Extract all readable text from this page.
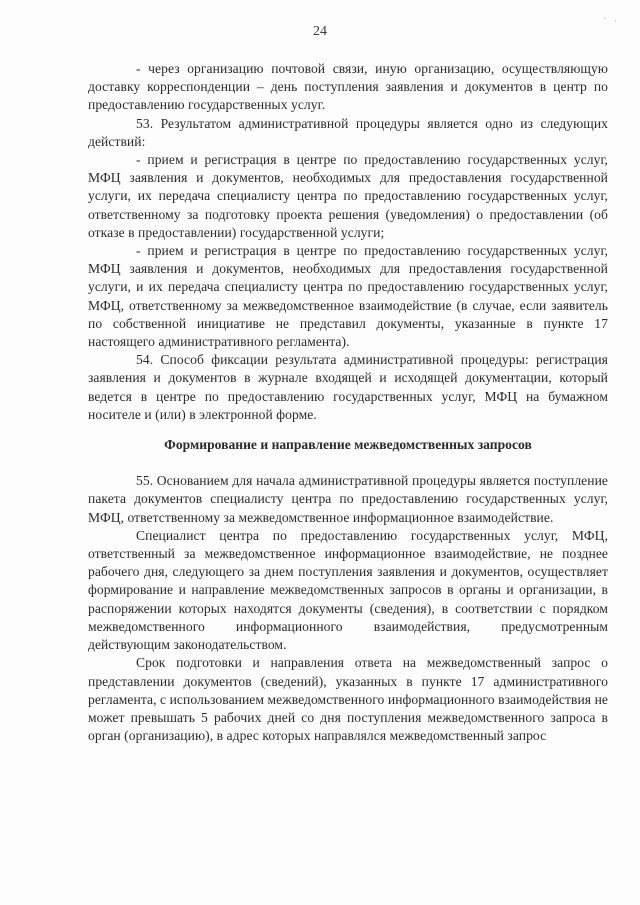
' ·
24

- через организацию почтовой связи, иную организацию, осуществляющую доставку корреспонденции – день поступления заявления и документов в центр по предоставлению государственных услуг.

53. Результатом административной процедуры является одно из следующих действий:

- прием и регистрация в центре по предоставлению государственных услуг, МФЦ заявления и документов, необходимых для предоставления государственной услуги, их передача специалисту центра по предоставлению государственных услуг, ответственному за подготовку проекта решения (уведомления) о предоставлении (об отказе в предоставлении) государственной услуги;

- прием и регистрация в центре по предоставлению государственных услуг, МФЦ заявления и документов, необходимых для предоставления государственной услуги, и их передача специалисту центра по предоставлению государственных услуг, МФЦ, ответственному за межведомственное взаимодействие (в случае, если заявитель по собственной инициативе не представил документы, указанные в пункте 17 настоящего административного регламента).

54. Способ фиксации результата административной процедуры: регистрация заявления и документов в журнале входящей и исходящей документации, который ведется в центре по предоставлению государственных услуг, МФЦ на бумажном носителе и (или) в электронной форме.

Формирование и направление межведомственных запросов

55. Основанием для начала административной процедуры является поступление пакета документов специалисту центра по предоставлению государственных услуг, МФЦ, ответственному за межведомственное информационное взаимодействие.

Специалист центра по предоставлению государственных услуг, МФЦ, ответственный за межведомственное информационное взаимодействие, не позднее рабочего дня, следующего за днем поступления заявления и документов, осуществляет формирование и направление межведомственных запросов в органы и организации, в распоряжении которых находятся документы (сведения), в соответствии с порядком межведомственного информационного взаимодействия, предусмотренным действующим законодательством.

Срок подготовки и направления ответа на межведомственный запрос о представлении документов (сведений), указанных в пункте 17 административного регламента, с использованием межведомственного информационного взаимодействия не может превышать 5 рабочих дней со дня поступления межведомственного запроса в орган (организацию), в адрес которых направлялся межведомственный запрос
